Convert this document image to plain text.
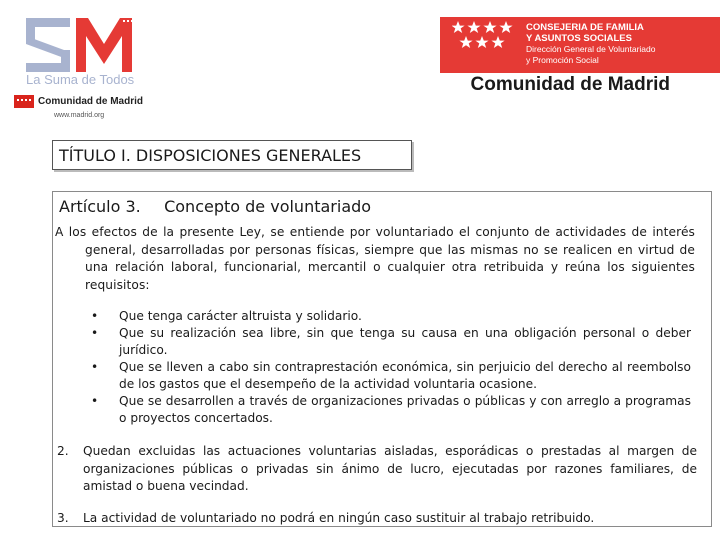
La Suma de Todos
Comunidad de Madrid
www.madrid.org
CONSEJERIA DE FAMILIA
Y ASUNTOS SOCIALES
Dirección General de Voluntariado
y Promoción Social
Comunidad de Madrid
TÍTULO I. DISPOSICIONES GENERALES
Artículo 3. Concepto de voluntariado
A los efectos de la presente Ley, se entiende por voluntariado el conjunto de actividades de interés general, desarrolladas por personas físicas, siempre que las mismas no se realicen en virtud de una relación laboral, funcionarial, mercantil o cualquier otra retribuida y reúna los siguientes requisitos:
• Que tenga carácter altruista y solidario.
• Que su realización sea libre, sin que tenga su causa en una obligación personal o deber jurídico.
• Que se lleven a cabo sin contraprestación económica, sin perjuicio del derecho al reembolso de los gastos que el desempeño de la actividad voluntaria ocasione.
• Que se desarrollen a través de organizaciones privadas o públicas y con arreglo a programas o proyectos concertados.
2. Quedan excluidas las actuaciones voluntarias aisladas, esporádicas o prestadas al margen de organizaciones públicas o privadas sin ánimo de lucro, ejecutadas por razones familiares, de amistad o buena vecindad.
3. La actividad de voluntariado no podrá en ningún caso sustituir al trabajo retribuido.
